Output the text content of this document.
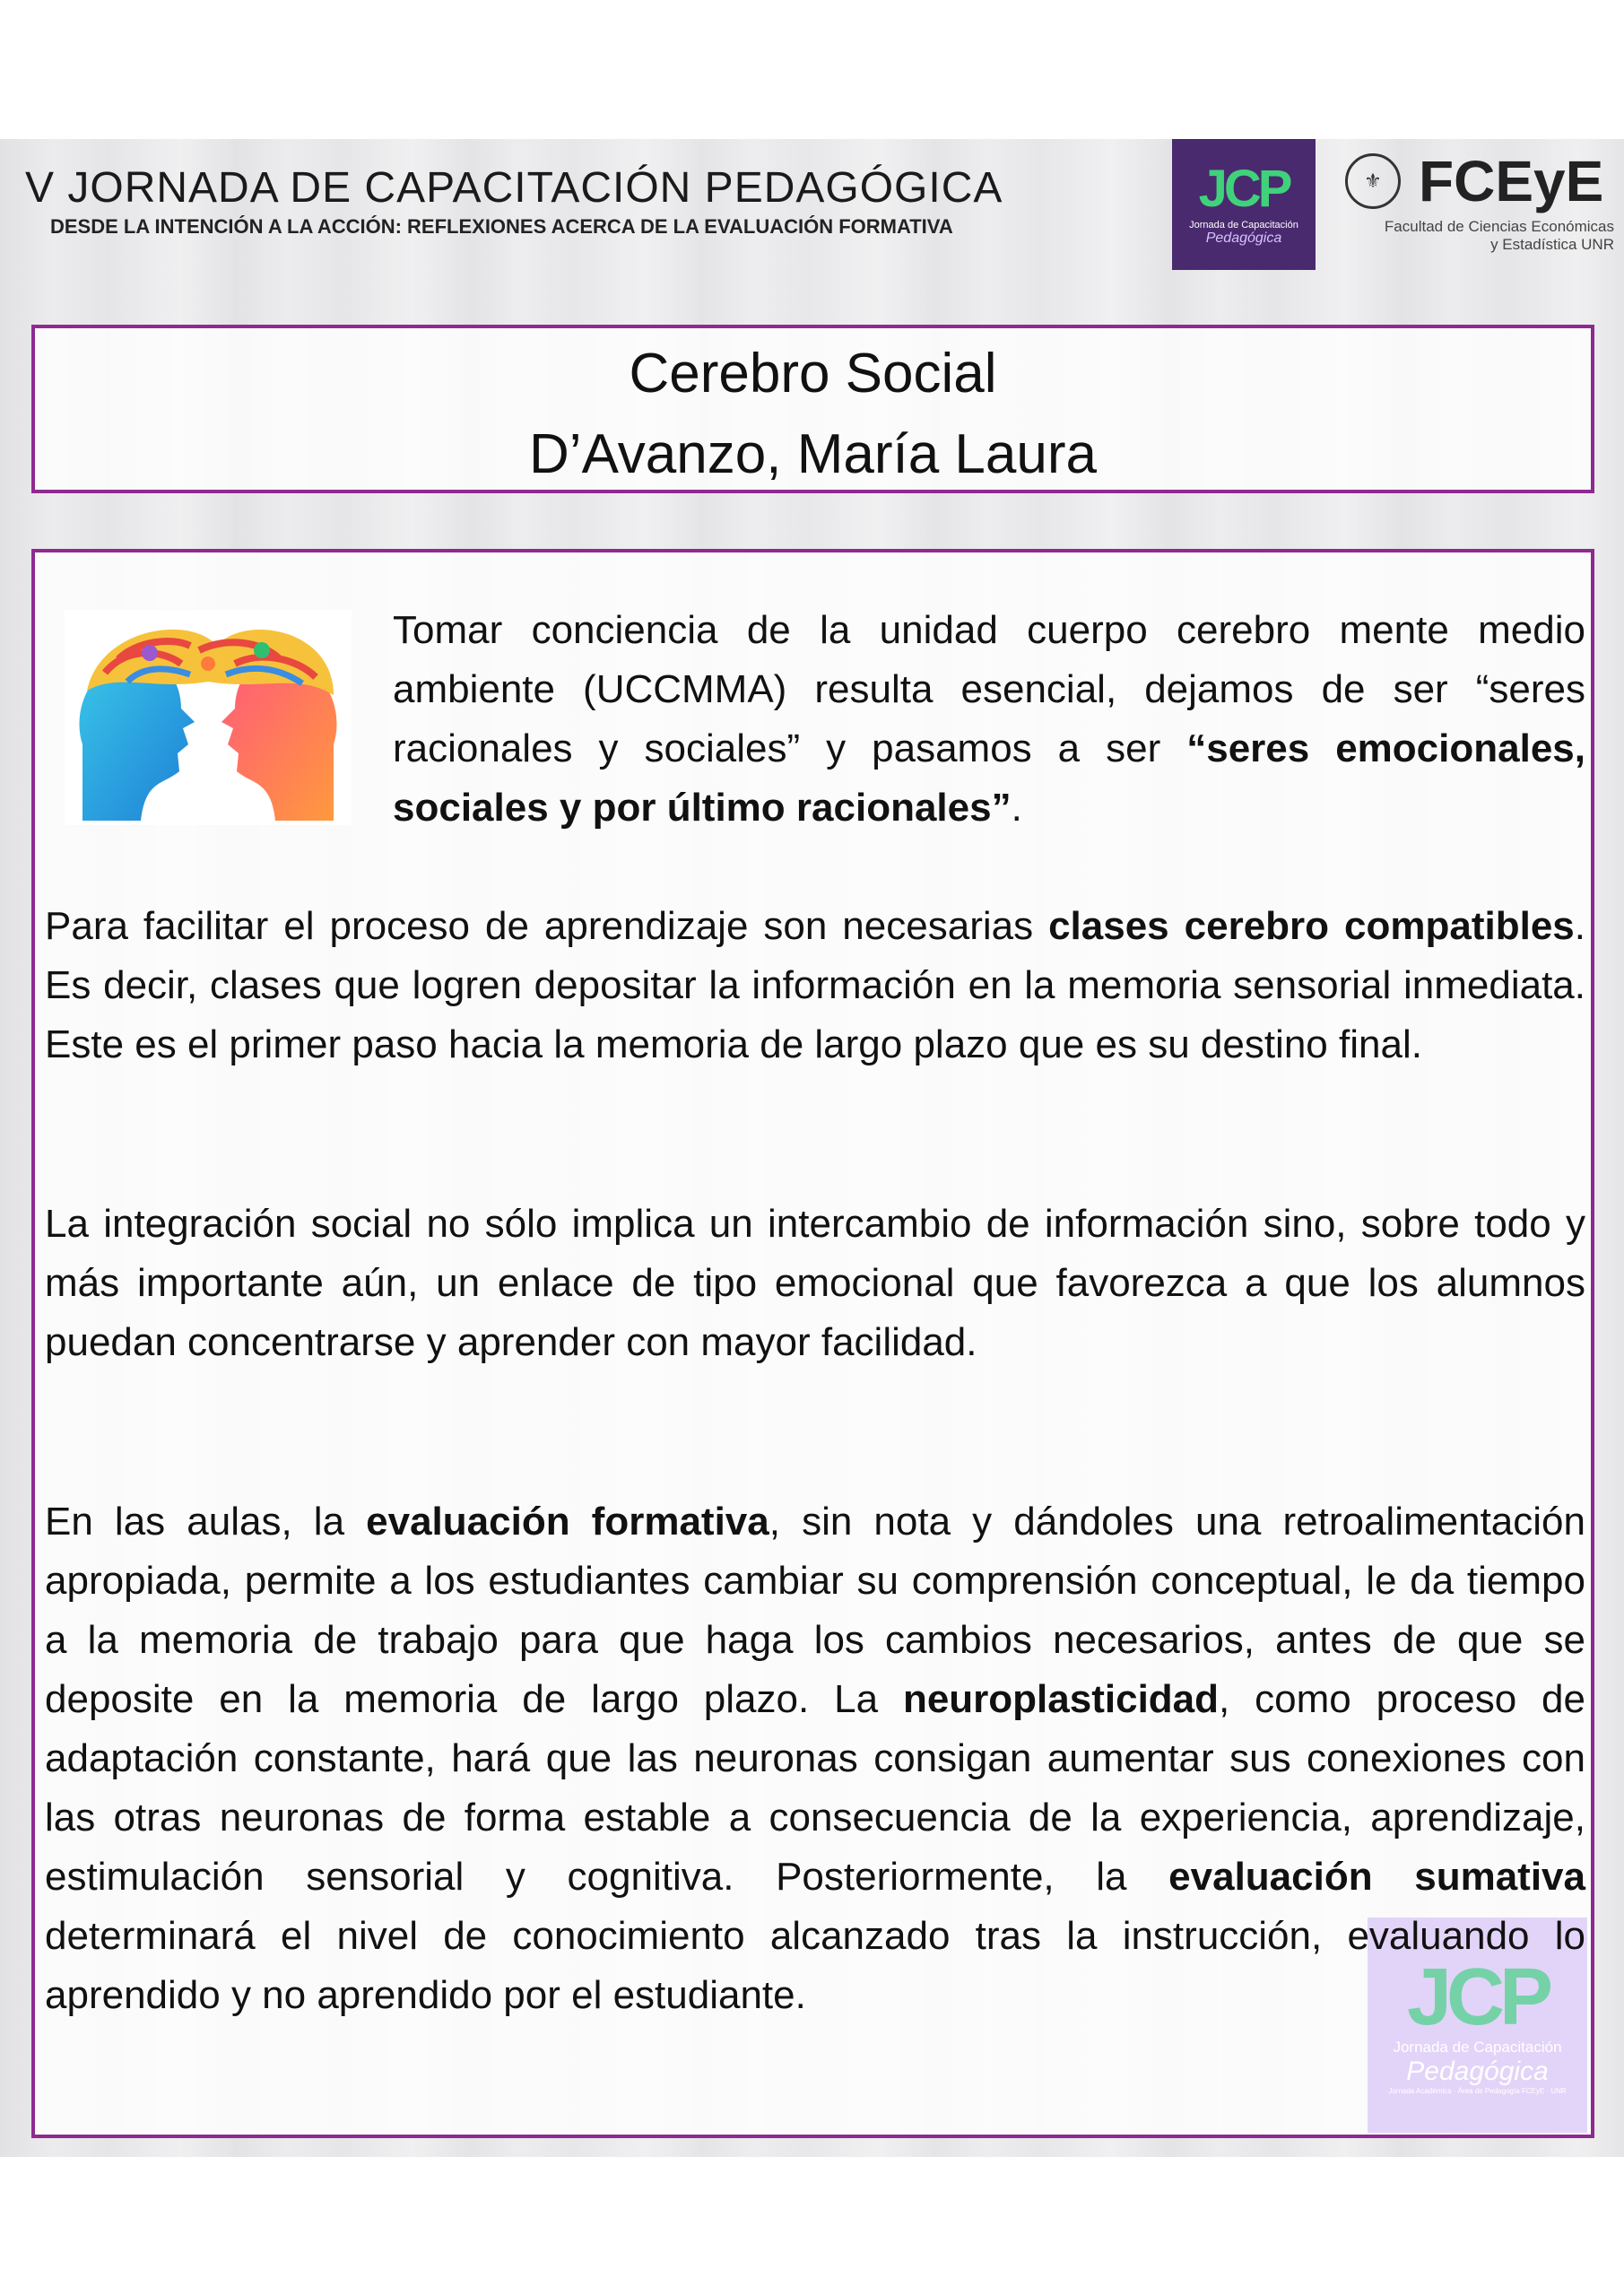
V JORNADA DE CAPACITACIÓN PEDAGÓGICA
DESDE LA INTENCIÓN A LA ACCIÓN: REFLEXIONES ACERCA DE LA EVALUACIÓN FORMATIVA
JCP
Jornada de Capacitación
Pedagógica
⚜ FCEyE
Facultad de Ciencias Económicas
y Estadística UNR
Cerebro Social
D’Avanzo, María Laura
Tomar conciencia de la unidad cuerpo cerebro mente medio ambiente (UCCMMA) resulta esencial, dejamos de ser “seres racionales y sociales” y pasamos a ser “seres emocionales, sociales y por último racionales”.
Para facilitar el proceso de aprendizaje son necesarias clases cerebro compatibles. Es decir, clases que logren depositar la información en la memoria sensorial inmediata. Este es el primer paso hacia la memoria de largo plazo que es su destino final.
La integración social no sólo implica un intercambio de información sino, sobre todo y más importante aún, un enlace de tipo emocional que favorezca a que los alumnos puedan concentrarse y aprender con mayor facilidad.
JCP
Jornada de Capacitación
Pedagógica
Jornada Académica · Área de Pedagogía FCEyE · UNR
En las aulas, la evaluación formativa, sin nota y dándoles una retroalimentación apropiada, permite a los estudiantes cambiar su comprensión conceptual, le da tiempo a la memoria de trabajo para que haga los cambios necesarios, antes de que se deposite en la memoria de largo plazo. La neuroplasticidad, como proceso de adaptación constante, hará que las neuronas consigan aumentar sus conexiones con las otras neuronas de forma estable a consecuencia de la experiencia, aprendizaje, estimulación sensorial y cognitiva. Posteriormente, la evaluación sumativa determinará el nivel de conocimiento alcanzado tras la instrucción, evaluando lo aprendido y no aprendido por el estudiante.
